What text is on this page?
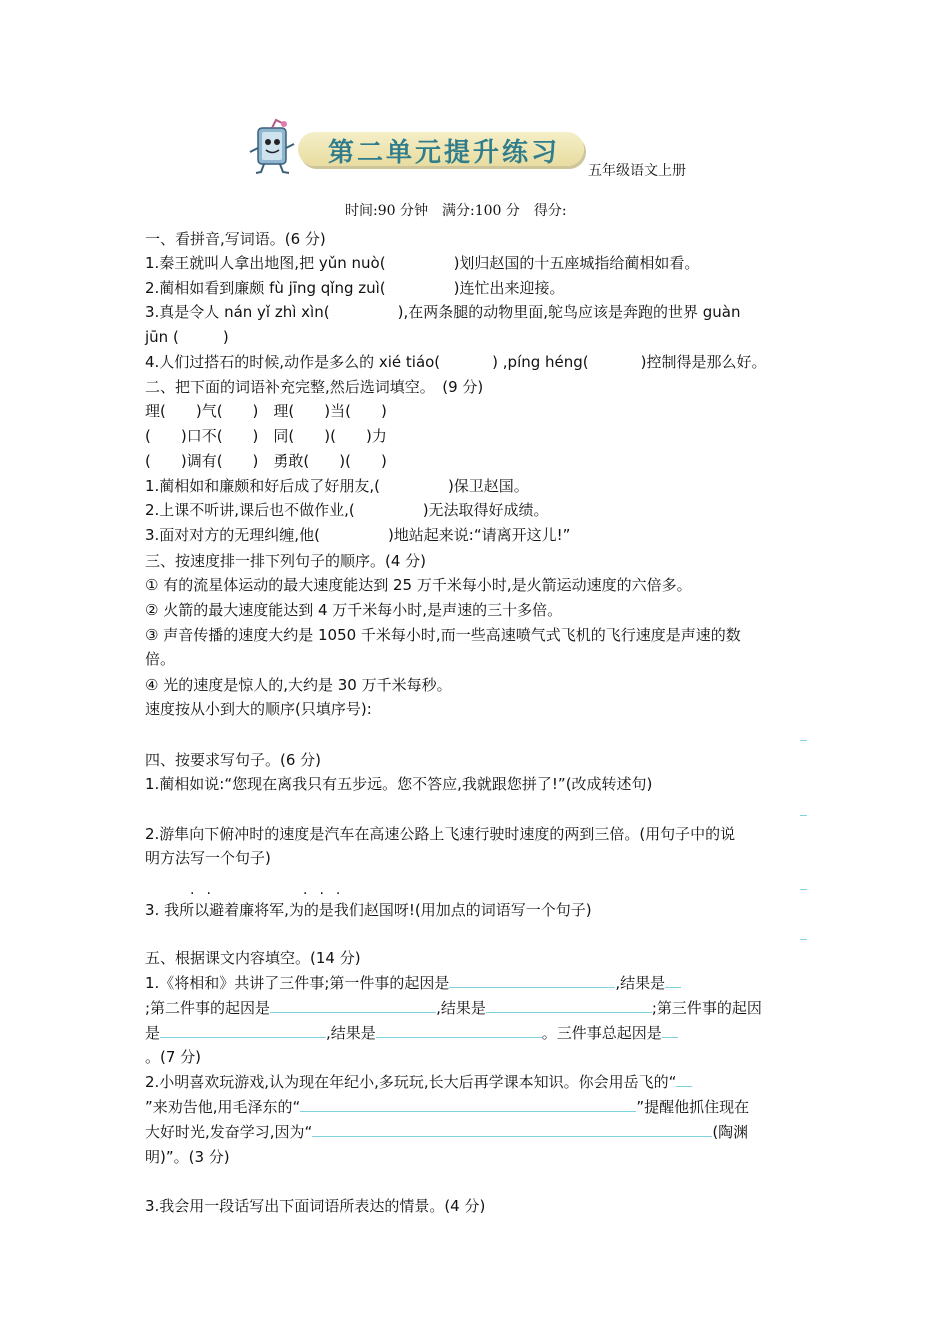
第二单元提升练习
五年级语文上册
时间:90 分钟　满分:100 分　得分:
一、看拼音,写词语。(6 分)
1.秦王就叫人拿出地图,把 yǔn nuò(	)划归赵国的十五座城指给蔺相如看。
2.蔺相如看到廉颇 fù jīng qǐng zuì(	)连忙出来迎接。
3.真是令人 nán yǐ zhì xìn(	),在两条腿的动物里面,鸵鸟应该是奔跑的世界 guàn
jūn (	)
4.人们过搭石的时候,动作是多么的 xié tiáo(	) ,píng héng(	)控制得是那么好。
二、把下面的词语补充完整,然后选词填空。　(9 分)
理(　　)气(　　)　理(　　)当(　　)
(　　)口不(　　)　同(　　)(　　)力
(　　)调有(　　)　勇敢(　　)(　　)
1.蔺相如和廉颇和好后成了好朋友,(	)保卫赵国。
2.上课不听讲,课后也不做作业,(	)无法取得好成绩。
3.面对对方的无理纠缠,他(	)地站起来说:“请离开这儿!”
三、按速度排一排下列句子的顺序。(4 分)
① 有的流星体运动的最大速度能达到 25 万千米每小时,是火箭运动速度的六倍多。
② 火箭的最大速度能达到 4 万千米每小时,是声速的三十多倍。
③ 声音传播的速度大约是 1050 千米每小时,而一些高速喷气式飞机的飞行速度是声速的数
倍。
④ 光的速度是惊人的,大约是 30 万千米每秒。
速度按从小到大的顺序(只填序号):
四、按要求写句子。(6 分)
1.蔺相如说:“您现在离我只有五步远。您不答应,我就跟您拼了!”(改成转述句)
2.游隼向下俯冲时的速度是汽车在高速公路上飞速行驶时速度的两到三倍。(用句子中的说
明方法写一个句子)
··	···
3. 我所以避着廉将军,为的是我们赵国呀!(用加点的词语写一个句子)
五、根据课文内容填空。(14 分)
1.《将相和》共讲了三件事;第一件事的起因是	,结果是
;第二件事的起因是	,结果是	;第三件事的起因
是	,结果是	。三件事总起因是
。(7 分)
2.小明喜欢玩游戏,认为现在年纪小,多玩玩,长大后再学课本知识。你会用岳飞的“
”来劝告他,用毛泽东的“	”提醒他抓住现在
大好时光,发奋学习,因为“	(陶渊
明)”。(3 分)
3.我会用一段话写出下面词语所表达的情景。(4 分)
